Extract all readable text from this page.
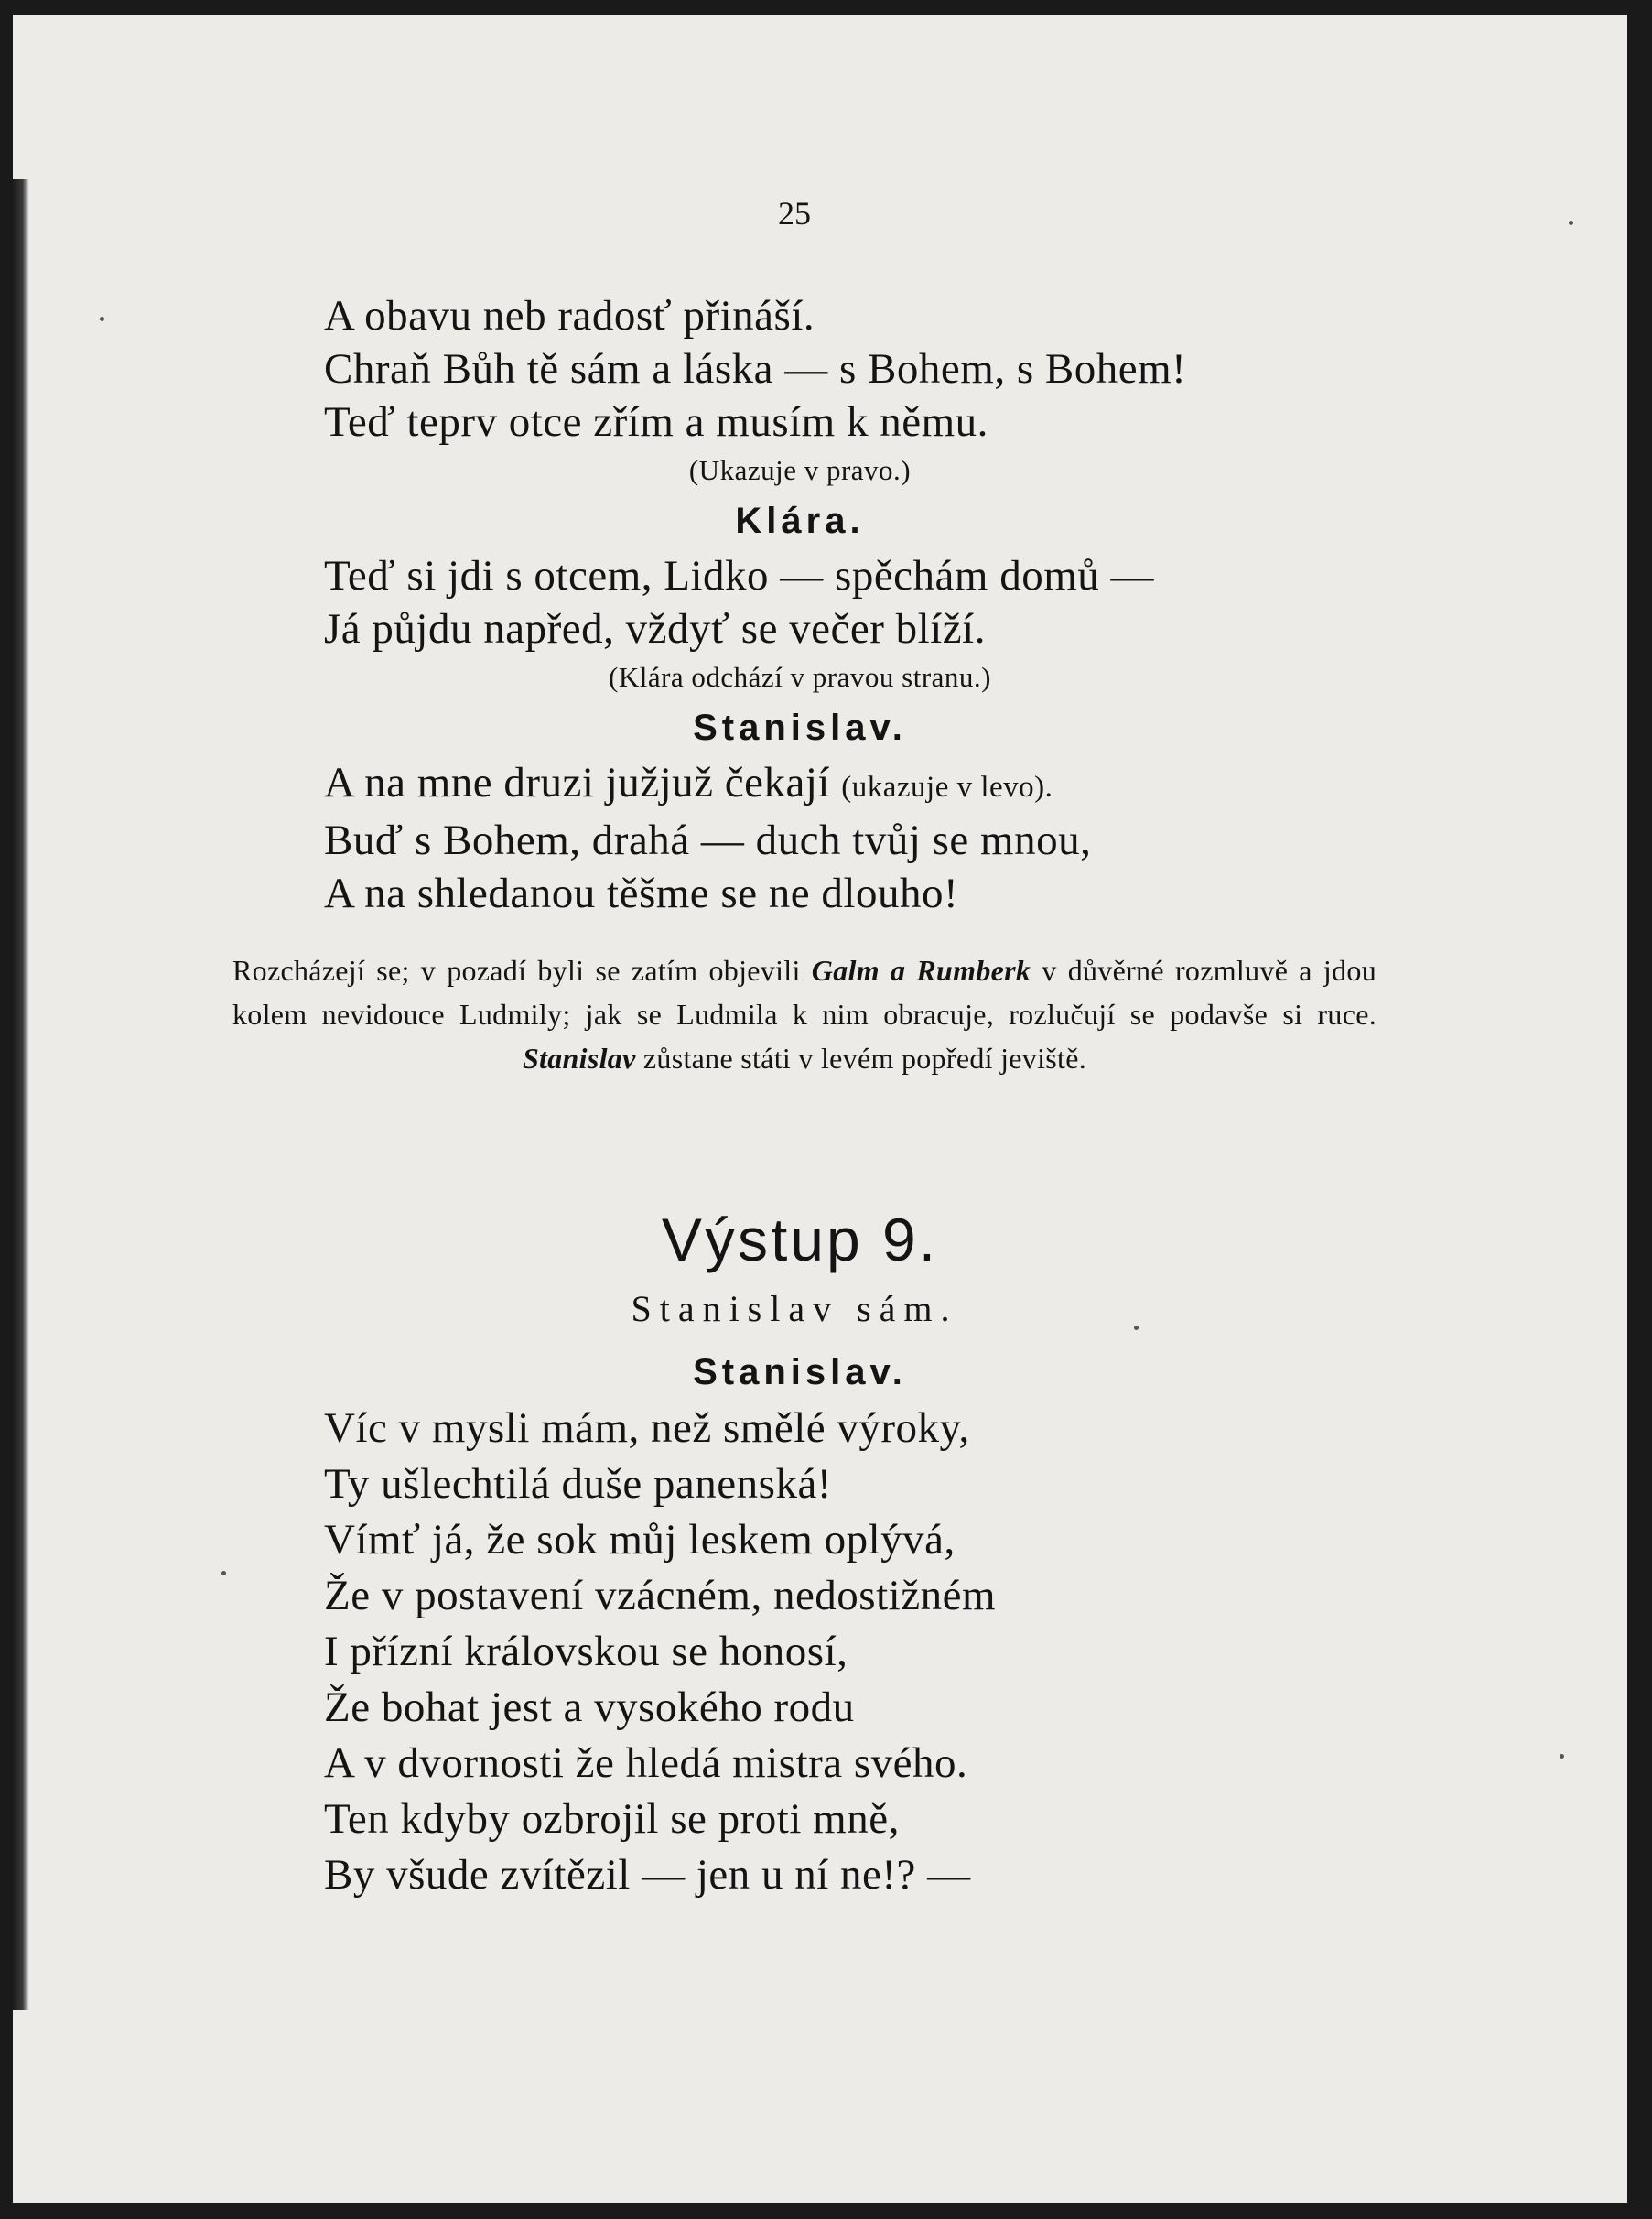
25

A obavu neb radosť přináší.

Chraň Bůh tě sám a láska — s Bohem, s Bohem!

Teď teprv otce zřím a musím k němu.

(Ukazuje v pravo.)

Klára.

Teď si jdi s otcem, Lidko — spěchám domů —

Já půjdu napřed, vždyť se večer blíží.

(Klára odchází v pravou stranu.)

Stanislav.

A na mne druzi južjuž čekají (ukazuje v levo).

Buď s Bohem, drahá — duch tvůj se mnou,

A na shledanou těšme se ne dlouho!

Rozcházejí se; v pozadí byli se zatím objevili Galm a Rumberk v důvěrné rozmluvě a jdou kolem nevidouce Ludmily; jak se Ludmila k nim obracuje, rozlučují se podavše si ruce. Stanislav zůstane státi v levém popředí jeviště.
Výstup 9.
Stanislav sám.

Stanislav.

Víc v mysli mám, než smělé výroky,

Ty ušlechtilá duše panenská!

Vímť já, že sok můj leskem oplývá,

Že v postavení vzácném, nedostižném

I přízní královskou se honosí,

Že bohat jest a vysokého rodu

A v dvornosti že hledá mistra svého.

Ten kdyby ozbrojil se proti mně,

By všude zvítězil — jen u ní ne!? —
